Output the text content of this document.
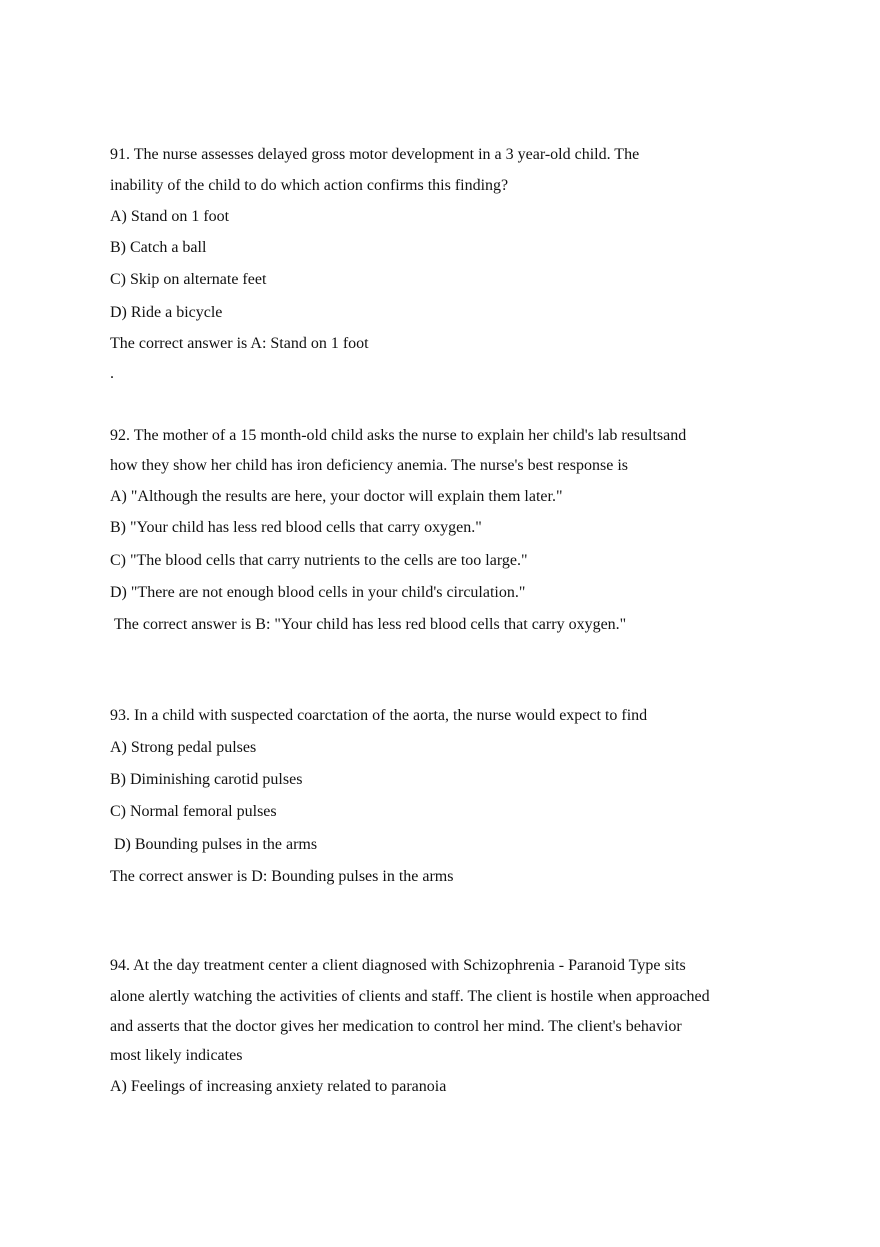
91. The nurse assesses delayed gross motor development in a 3 year-old child. The
inability of the child to do which action confirms this finding?
A) Stand on 1 foot
B) Catch a ball
C) Skip on alternate feet
D) Ride a bicycle
The correct answer is A: Stand on 1 foot
.
92. The mother of a 15 month-old child asks the nurse to explain her child's lab resultsand
how they show her child has iron deficiency anemia. The nurse's best response is
A) "Although the results are here, your doctor will explain them later."
B) "Your child has less red blood cells that carry oxygen."
C) "The blood cells that carry nutrients to the cells are too large."
D) "There are not enough blood cells in your child's circulation."
The correct answer is B: "Your child has less red blood cells that carry oxygen."
93. In a child with suspected coarctation of the aorta, the nurse would expect to find
A) Strong pedal pulses
B) Diminishing carotid pulses
C) Normal femoral pulses
D) Bounding pulses in the arms
The correct answer is D: Bounding pulses in the arms
94. At the day treatment center a client diagnosed with Schizophrenia - Paranoid Type sits
alone alertly watching the activities of clients and staff. The client is hostile when approached
and asserts that the doctor gives her medication to control her mind. The client's behavior
most likely indicates
A) Feelings of increasing anxiety related to paranoia
